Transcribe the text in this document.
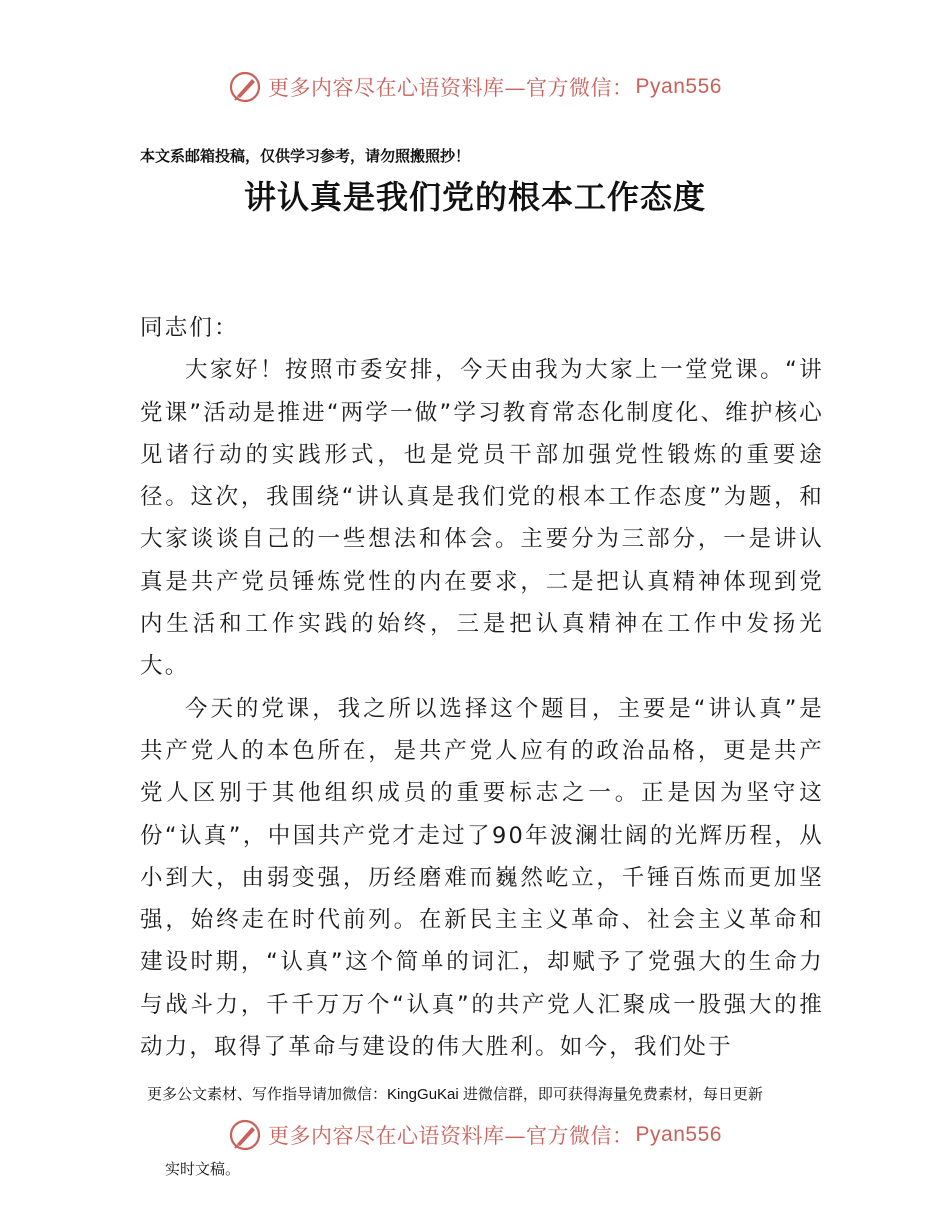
更多内容尽在心语资料库—官方微信： Pyan556
本文系邮箱投稿，仅供学习参考，请勿照搬照抄！
讲认真是我们党的根本工作态度

同志们：

大家好！按照市委安排，今天由我为大家上一堂党课。“讲党课”活动是推进“两学一做”学习教育常态化制度化、维护核心见诸行动的实践形式，也是党员干部加强党性锻炼的重要途径。这次，我围绕“讲认真是我们党的根本工作态度”为题，和大家谈谈自己的一些想法和体会。主要分为三部分，一是讲认真是共产党员锤炼党性的内在要求，二是把认真精神体现到党内生活和工作实践的始终，三是把认真精神在工作中发扬光大。

今天的党课，我之所以选择这个题目，主要是“讲认真”是共产党人的本色所在，是共产党人应有的政治品格，更是共产党人区别于其他组织成员的重要标志之一。正是因为坚守这份“认真”，中国共产党才走过了90年波澜壮阔的光辉历程，从小到大，由弱变强，历经磨难而巍然屹立，千锤百炼而更加坚强，始终走在时代前列。在新民主主义革命、社会主义革命和建设时期，“认真”这个简单的词汇，却赋予了党强大的生命力与战斗力，千千万万个“认真”的共产党人汇聚成一股强大的推动力，取得了革命与建设的伟大胜利。如今，我们处于

更多公文素材、写作指导请加微信：KingGuKai 进微信群，即可获得海量免费素材，每日更新
更多内容尽在心语资料库—官方微信： Pyan556
实时文稿。
